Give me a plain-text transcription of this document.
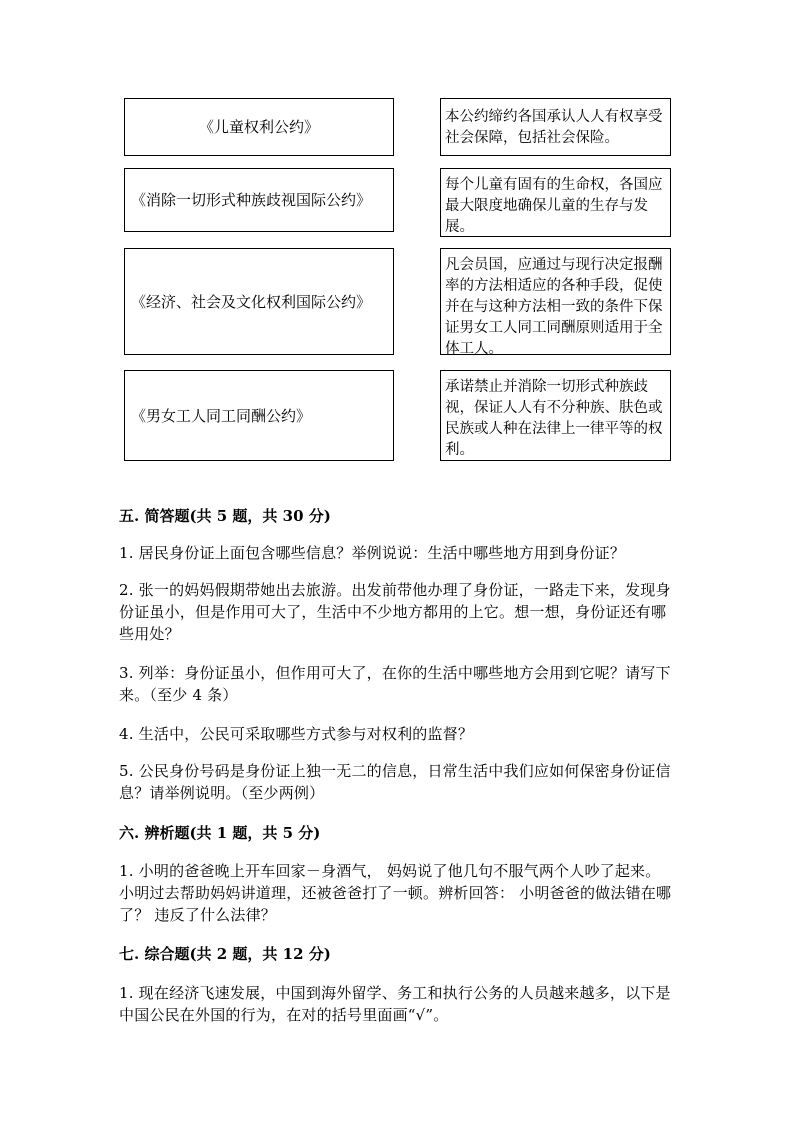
《儿童权利公约》
《消除一切形式种族歧视国际公约》
《经济、社会及文化权利国际公约》
《男女工人同工同酬公约》
本公约缔约各国承认人人有权享受社会保障，包括社会保险。
每个儿童有固有的生命权，各国应最大限度地确保儿童的生存与发展。
凡会员国，应通过与现行决定报酬率的方法相适应的各种手段，促使并在与这种方法相一致的条件下保证男女工人同工同酬原则适用于全体工人。
承诺禁止并消除一切形式种族歧视，保证人人有不分种族、肤色或民族或人种在法律上一律平等的权利。
五. 简答题(共 5 题，共 30 分)
1. 居民身份证上面包含哪些信息？举例说说：生活中哪些地方用到身份证？
2. 张一的妈妈假期带她出去旅游。出发前带他办理了身份证，一路走下来，发现身份证虽小，但是作用可大了，生活中不少地方都用的上它。想一想，身份证还有哪些用处？
3. 列举：身份证虽小，但作用可大了，在你的生活中哪些地方会用到它呢？请写下来。（至少 4 条）
4. 生活中，公民可采取哪些方式参与对权利的监督？
5. 公民身份号码是身份证上独一无二的信息，日常生活中我们应如何保密身份证信息？请举例说明。（至少两例）
六. 辨析题(共 1 题，共 5 分)
1. 小明的爸爸晚上开车回家－身酒气， 妈妈说了他几句不服气两个人吵了起来。 小明过去帮助妈妈讲道理，还被爸爸打了一顿。辨析回答： 小明爸爸的做法错在哪了？ 违反了什么法律？
七. 综合题(共 2 题，共 12 分)
1. 现在经济飞速发展，中国到海外留学、务工和执行公务的人员越来越多，以下是中国公民在外国的行为，在对的括号里面画“√”。
